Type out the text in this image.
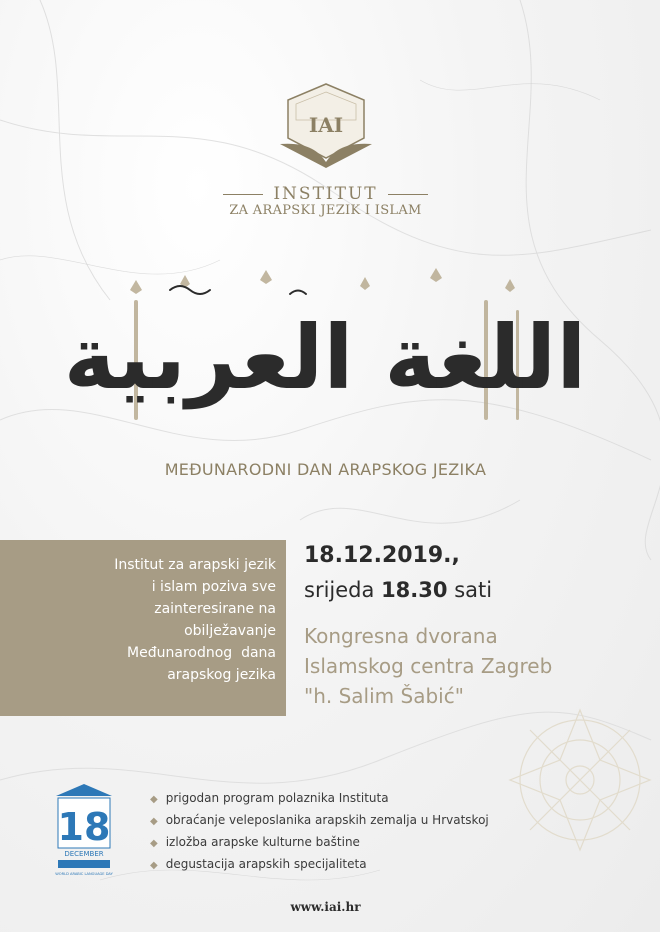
IAI
INSTITUT
ZA ARAPSKI JEZIK I ISLAM
اللغة العربية
MEĐUNARODNI DAN ARAPSKOG JEZIKA
Institut za arapski jezik
i islam poziva sve
zainteresirane na
obilježavanje
Međunarodnog  dana
arapskog jezika
18.12.2019.,
srijeda 18.30 sati
Kongresna dvorana
Islamskog centra Zagreb
"h. Salim Šabić"
18
DECEMBER
WORLD ARABIC LANGUAGE DAY
◆ prigodan program polaznika Instituta
◆ obraćanje veleposlanika arapskih zemalja u Hrvatskoj
◆ izložba arapske kulturne baštine
◆ degustacija arapskih specijaliteta
www.iai.hr
